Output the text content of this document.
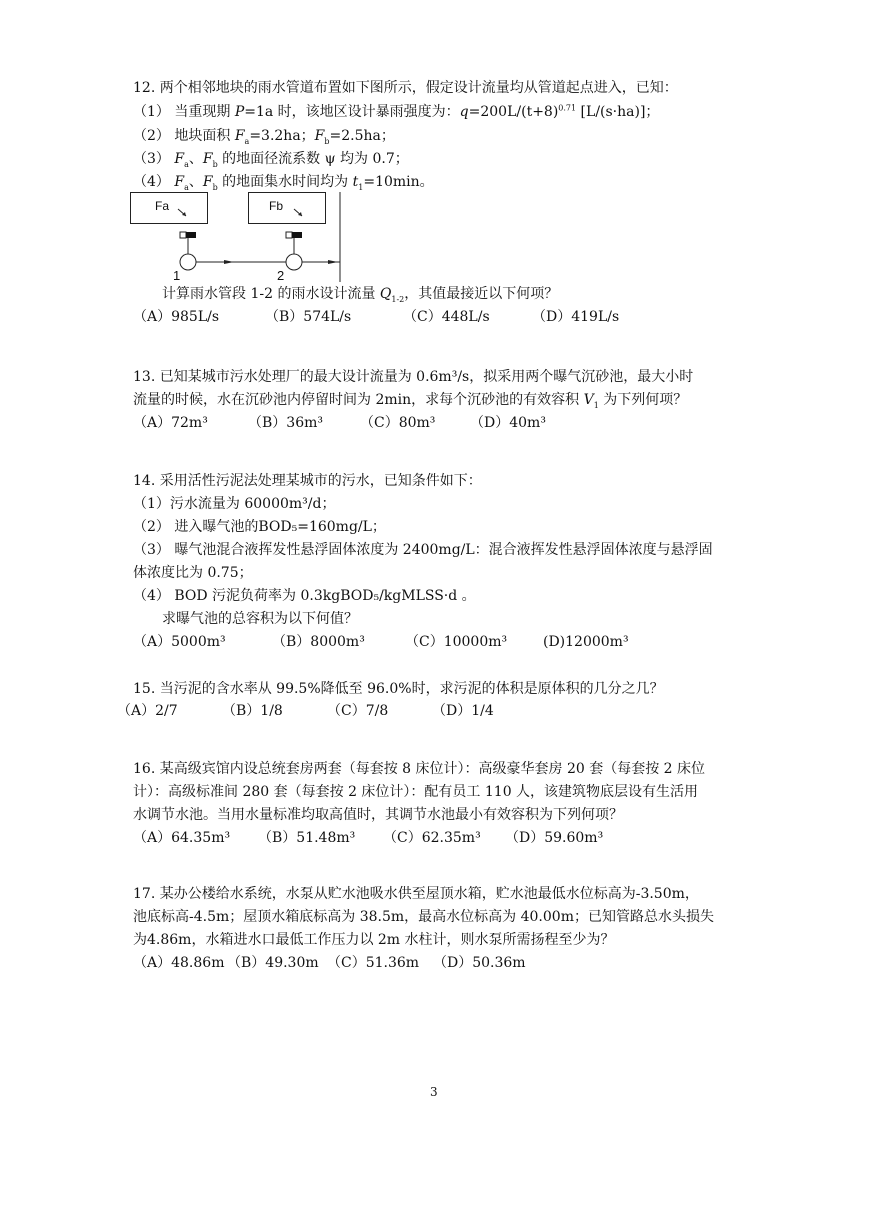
12. 两个相邻地块的雨水管道布置如下图所示，假定设计流量均从管道起点进入，已知：
（1） 当重现期 P=1a 时，该地区设计暴雨强度为：$q=200L/(t+8)^{0.71}$ [L/(s·ha)]；
（2） 地块面积 $F_a=3.2ha$；$F_b=2.5ha$；
（3） $F_a$、$F_b$ 的地面径流系数 ψ 均为 0.7；
（4） $F_a$、$F_b$ 的地面集水时间均为 $t_1=10\min$。
Fa	Fb
1	2
计算雨水管段 1-2 的雨水设计流量 $Q_{1-2}$，其值最接近以下何项？
（A）985L/s	（B）574L/s	（C）448L/s	（D）419L/s
13. 已知某城市污水处理厂的最大设计流量为 0.6m³/s，拟采用两个曝气沉砂池，最大小时
流量的时候，水在沉砂池内停留时间为 2min，求每个沉砂池的有效容积 $V_1$ 为下列何项？
（A）72m³	（B）36m³	（C）80m³ （D）40m³
14. 采用活性污泥法处理某城市的污水，已知条件如下：
（1）污水流量为 60000m³/d；
（2） 进入曝气池的BOD₅=160mg/L；
（3） 曝气池混合液挥发性悬浮固体浓度为 2400mg/L：混合液挥发性悬浮固体浓度与悬浮固
体浓度比为 0.75；
（4） BOD 污泥负荷率为 0.3kgBOD₅/kgMLSS·d 。
求曝气池的总容积为以下何值？
（A）5000m³	（B）8000m³	（C）10000m³	(D)12000m³
15. 当污泥的含水率从 99.5%降低至 96.0%时，求污泥的体积是原体积的几分之几？
（A）2/7	（B）1/8	（C）7/8	（D）1/4
16. 某高级宾馆内设总统套房两套（每套按 8 床位计）：高级豪华套房 20 套（每套按 2 床位
计）：高级标准间 280 套（每套按 2 床位计）：配有员工 110 人，该建筑物底层设有生活用
水调节水池。当用水量标准均取高值时，其调节水池最小有效容积为下列何项？
（A）64.35m³ （B）51.48m³ （C）62.35m³ （D）59.60m³
17. 某办公楼给水系统，水泵从贮水池吸水供至屋顶水箱，贮水池最低水位标高为-3.50m，
池底标高-4.5m；屋顶水箱底标高为 38.5m，最高水位标高为 40.00m；已知管路总水头损失
为4.86m，水箱进水口最低工作压力以 2m 水柱计，则水泵所需扬程至少为？
（A）48.86m （B）49.30m （C）51.36m （D）50.36m
3
